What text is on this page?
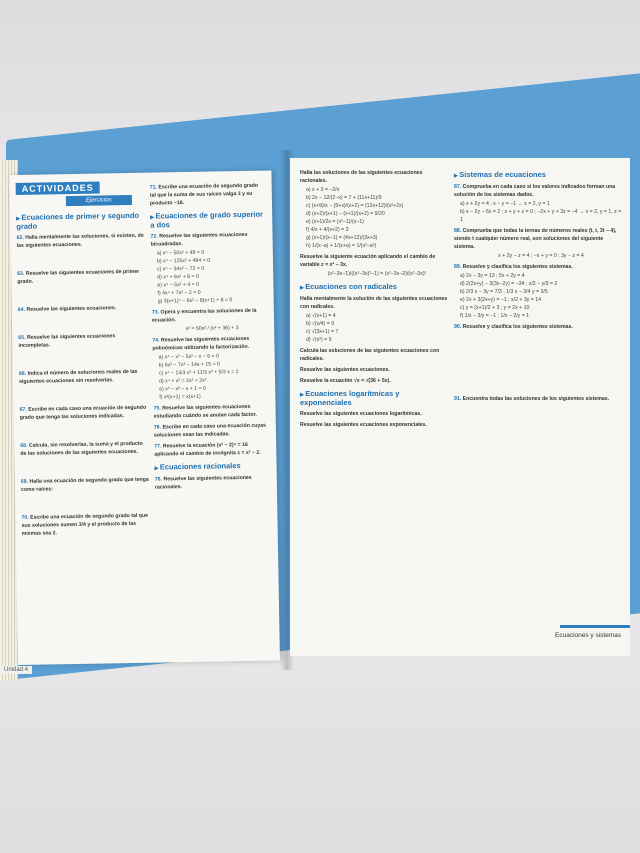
ACTIVIDADES
Ejercicios
▶ Ecuaciones de primer y segundo grado
62. Halla mentalmente las soluciones, si existen, de las siguientes ecuaciones.
63. Resuelve las siguientes ecuaciones de primer grado.
64. Resuelve las siguientes ecuaciones.
65. Resuelve las siguientes ecuaciones incompletas.
66. Indica el número de soluciones reales de las siguientes ecuaciones sin resolverlas.
67. Escribe en cada caso una ecuación de segundo grado que tenga las soluciones indicadas.
68. Calcula, sin resolverlas, la suma y el producto de las soluciones de las siguientes ecuaciones.
69. Halla una ecuación de segundo grado que tenga como raíces:
70. Escribe una ecuación de segundo grado tal que sus soluciones sumen 3/4 y el producto de las mismas sea 2.
71. Escribe una ecuación de segundo grado tal que la suma de sus raíces valga 3 y su producto −18.
▶ Ecuaciones de grado superior a dos
72. Resuelve las siguientes ecuaciones bicuadradas.
a) x⁴ − 50x² + 49 = 0
b) x⁴ − 125x² + 484 = 0
c) x⁴ − 34x² − 72 = 0
d) x⁴ + 6x² + 8 = 0
e) x⁴ − 5x² + 4 = 0
f) 4x⁴ + 7x² − 2 = 0
g) 3(x+1)⁴ − 8x² − 8(x+1) + 8 = 0
73. Opera y encuentra las soluciones de la ecuación.
x² = 50x² / (x² + 36) + 3
74. Resuelve las siguientes ecuaciones polinómicas utilizando la factorización.
a) x⁴ − x³ − 5x² − x − 6 = 0
b) 6x³ − 7x² − 14x + 15 = 0
c) x⁴ − 13/3 x³ + 11/3 x² + 5/3 x = 2
d) x⁴ + x³ = 2x² + 2x³
e) x³ − x² − x + 1 = 0
f) x²(x+1) = x(x+1)
75. Resuelve las siguientes ecuaciones estudiando cuándo se anulan cada factor.
76. Escribe en cada caso una ecuación cuyas soluciones sean las indicadas.
77. Resuelve la ecuación (x² − 2)⁴ = 16 aplicando el cambio de incógnita z = x² − 2.
▶ Ecuaciones racionales
78. Resuelve las siguientes ecuaciones racionales.
Halla las soluciones de las siguientes ecuaciones racionales.
a) x + 3 = −2/x
b) 2x − 12/(2−x) = 7 + (11x+11)/9
c) (x+9)/x − (5+x)/(x+2) = (12x+12)/(x²+2x)
d) (x+2)/(x+1) − (x+1)/(x+2) = 9/20
e) (x+1)/2x = (x²−1)/(x−1)
f) 4/x + 4/(x+2) = 3
g) (x+1)/(x−1) = (4x+12)/(3x+3)
h) 1/(x−a) + 1/(x+a) = 1/(x²−a²)
Resuelve la siguiente ecuación aplicando el cambio de variable z = x² − 3x.
(x²−3x−1)/((x²−3x)²−1) = (x²−3x−2)/(x²−3x)²
▶ Ecuaciones con radicales
Halla mentalmente la solución de las siguientes ecuaciones con radicales.
a) √(x+1) = 4
b) √(x/4) = 9
c) √(3x+1) = 7
d) √(x²) = 9
Calcula las soluciones de las siguientes ecuaciones con radicales.
Resuelve las siguientes ecuaciones.
Resuelve la ecuación √x = √(36 + 5x).
▶ Ecuaciones logarítmicas y exponenciales
Resuelve las siguientes ecuaciones logarítmicas.
Resuelve las siguientes ecuaciones exponenciales.
▶ Sistemas de ecuaciones
87. Comprueba en cada caso si los valores indicados forman una solución de los sistemas dados.
a) x + 2y = 4 ; x − y = −1 → x = 2, y = 1
b) x − 2y − 6z = 2 ; x + y + z = 0 ; −2x + y + 3z = −4 → x = 2, y = 1, z = 1
88. Comprueba que todas la ternas de números reales (t, t, 3t − 4), siendo t cualquier número real, son soluciones del siguiente sistema.
x + 2y − z = 4 ; −x + y = 0 ; 3y − z = 4
89. Resuelve y clasifica los siguientes sistemas.
a) 2x − 3y = 13 ; 5x + 2y = 4
d) 2(2x+y) − 3(3x−2y) = −34 ; x/2 − y/3 = 2
b) 2/3 x − 3y = 7/3 ; 1/3 x − 3/4 y = 3/5
e) 2x + 3(2x+y) = −1 ; x/2 + 3y = 14
c) y = (x+1)/2 + 3 ; y = 2x + 10
f) 1/x − 3/y = −1 ; 1/x − 2/y = 1
90. Resuelve y clasifica los siguientes sistemas.
91. Encuentra todas las soluciones de los siguientes sistemas.
Ecuaciones y sistemas
Unidad 4
